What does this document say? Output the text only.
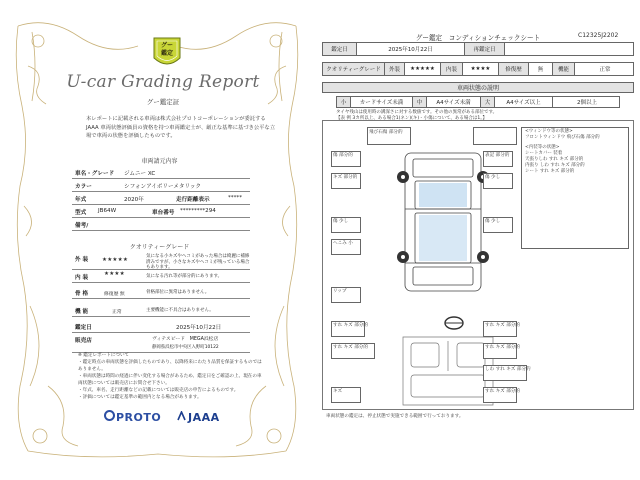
グー
鑑定
U-car Grading Report
グー鑑定証
本レポートに記載される車両は株式会社プロトコーポレーションが委託する JAAA 車両状態評価員の資格を持つ車両鑑定士が、厳正な基準に基づき公平な立場で車両の状態を評価したものです。
車両請元内容
車名・グレード ジムニー XC
カラー	シフォンアイボリーメタリック
年式	2020年	走行距離表示	*****
型式 JB64W	車台番号 *********294
備考/
クオリティーグレード
外 装 ★★★★★
気になる小キズやヘコミがあった場合は綺麗に補修済みですが、小さなキズやヘコミが残っている場合もあります。
内 装
★★★★	気になる汚れ等が部分的にあります。
骨 格	修復歴 無	骨格部位に異常はありません。
機 能	正常	主要機能に不具合はありません。
鑑定日	2025年10月22日
販売店	ヴィテスピード　MEGA浜松店
静岡県浜松市中央区入野町10122
※ 鑑定レポートについて
・鑑定時点の車両状態を評価したものであり、以降将来にわたり品質を保証するものではありません。
・車両状態は時間の経過に伴い変化する場合があるため、鑑定日をご確認の上、現在の車両状態については販売店にお問合せ下さい。
・年式、車名、走行距離などの記載については販売店の申告によるものです。
・評価については鑑定基準の範囲内となる場合があります。
PROTO JAAA
グー鑑定　コンディションチェックシート	C12325J2202
鑑定日	2025年10月22日	再鑑定日
クオリティーグレード	外装	★★★★★	内装	★★★★	修復歴	無	機能	正常
車両状態の説明
小	カードサイズ未満	中	A4サイズ未満	大	A4サイズ以上	2個以上
タイヤ残山は使用時の溝深さに対する数値です。その他の異常がある部位です。
【表 例 3カ所以上、ある場合1(ネン)(キ) - 小傷について、ある場合は1。】
飛び石傷 部分的
傷 部分的	表記 部分的
キズ 部分的	傷 少し
傷 少し	傷 少し
へこみ 小
リップ
<ウィンドウ等の状態>
フロントウィンドウ 飛び石傷 部分的
<内装等の状態>
シートカバー 装着
天張りしわ すれ キズ 部分的
内張り しわ すれ キズ 部分的
シート すれ キズ 部分的
すれ キズ 部分的	すれ キズ 部分的
すれ キズ 部分的	すれ キズ 部分的
しわ すれ キズ 部分的
すれ キズ 部分的
キズ
車両状態の鑑定は、停止状態で実施できる範囲で行っております。
